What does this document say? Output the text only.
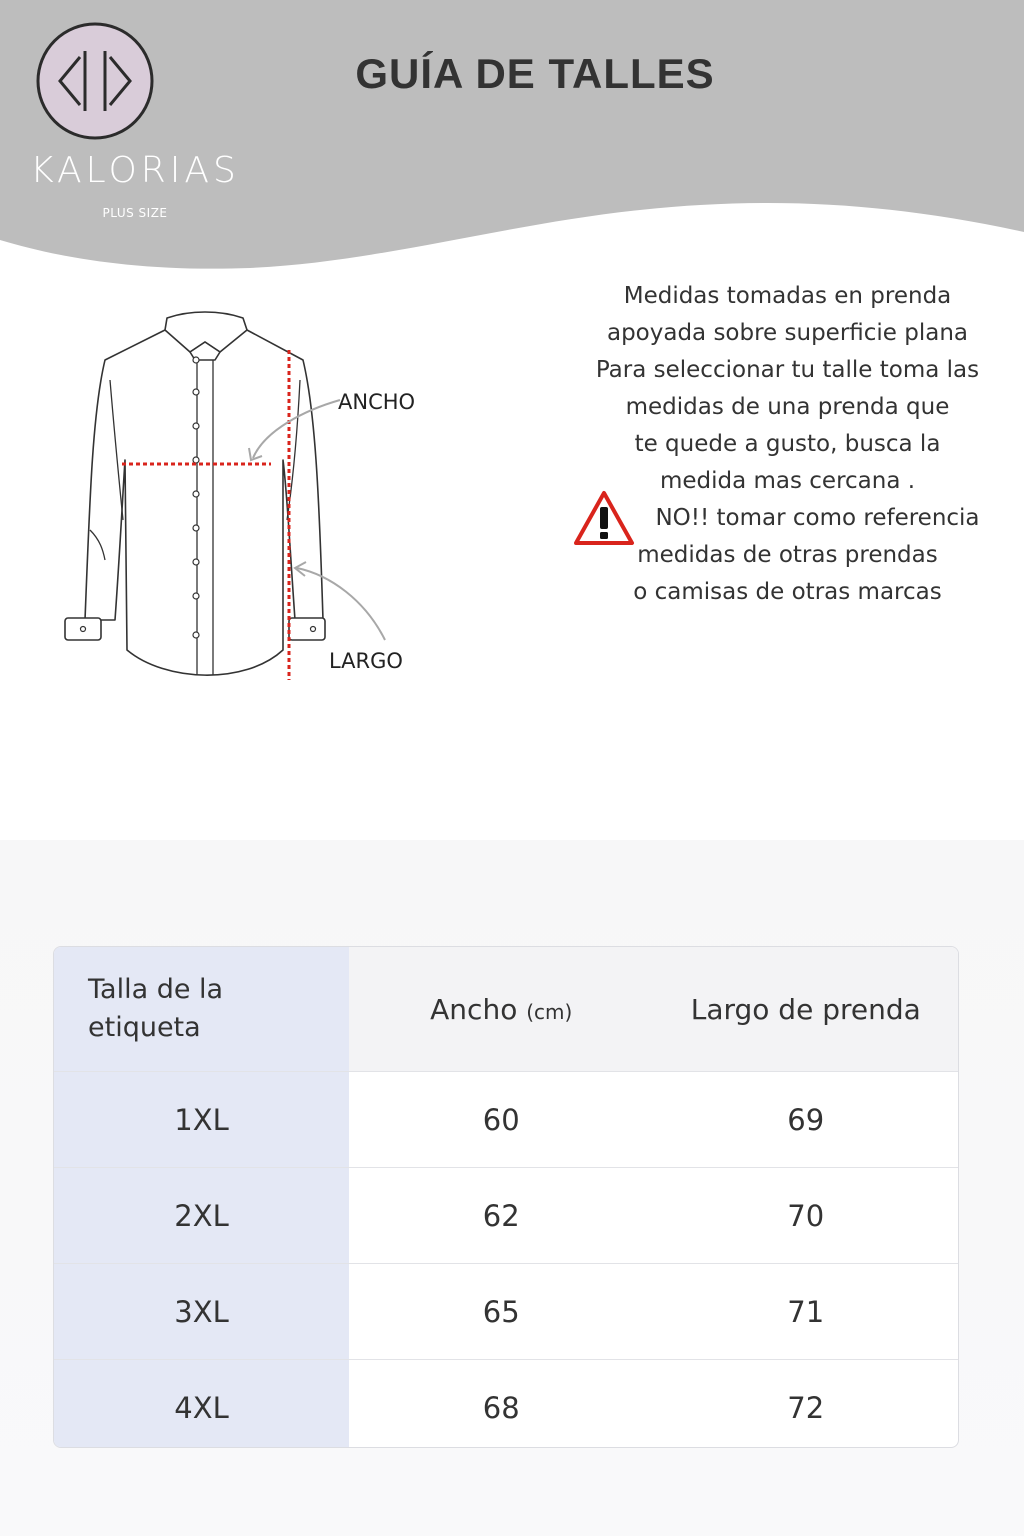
KALORIAS
PLUS SIZE
GUÍA DE TALLES
ANCHO
LARGO
Medidas tomadas en prenda
apoyada sobre superficie plana
Para seleccionar tu talle toma las
medidas de una prenda que
te quede a gusto, busca la
medida mas cercana .
NO!! tomar como referencia
medidas de otras prendas
o camisas de otras marcas
Talla de la
etiqueta	Ancho (cm)	Largo de prenda
1XL	60	69
2XL	62	70
3XL	65	71
4XL	68	72
